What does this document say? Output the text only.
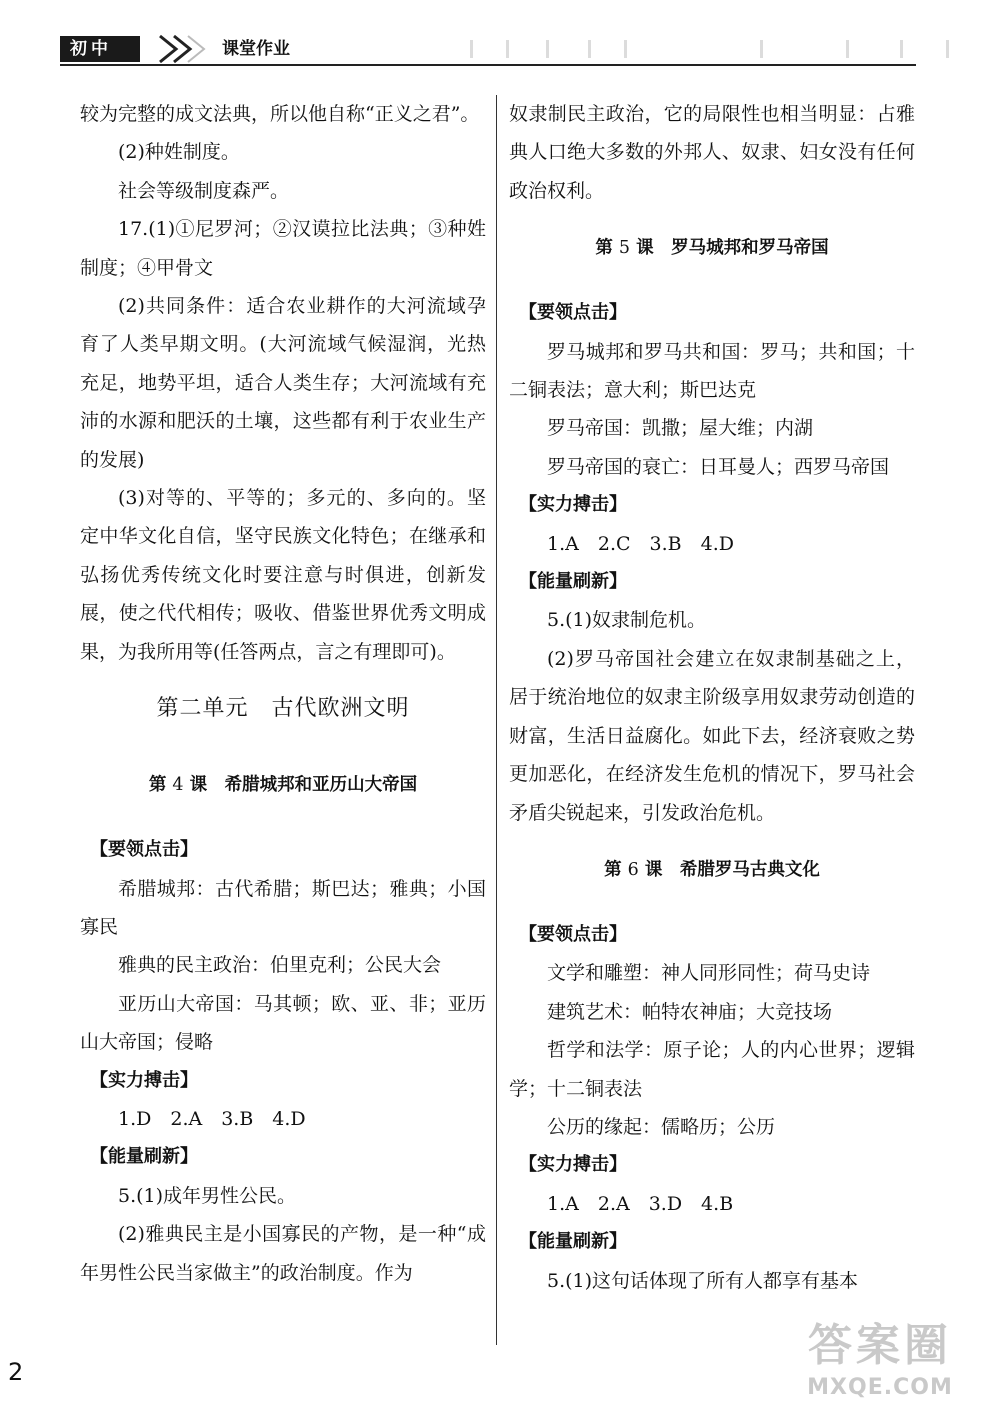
初中	课堂作业

较为完整的成文法典，所以他自称“正义之君”。

(2)种姓制度。

社会等级制度森严。

17.(1)①尼罗河；②汉谟拉比法典；③种姓制度；④甲骨文

(2)共同条件：适合农业耕作的大河流域孕育了人类早期文明。(大河流域气候湿润，光热充足，地势平坦，适合人类生存；大河流域有充沛的水源和肥沃的土壤，这些都有利于农业生产的发展)

(3)对等的、平等的；多元的、多向的。坚定中华文化自信，坚守民族文化特色；在继承和弘扬优秀传统文化时要注意与时俱进，创新发展，使之代代相传；吸收、借鉴世界优秀文明成果，为我所用等(任答两点，言之有理即可)。

第二单元　古代欧洲文明
第 4 课　希腊城邦和亚历山大帝国

【要领点击】

希腊城邦：古代希腊；斯巴达；雅典；小国寡民

雅典的民主政治：伯里克利；公民大会

亚历山大帝国：马其顿；欧、亚、非；亚历山大帝国；侵略

【实力搏击】

1.D　2.A　3.B　4.D

【能量刷新】

5.(1)成年男性公民。

(2)雅典民主是小国寡民的产物，是一种“成年男性公民当家做主”的政治制度。作为

奴隶制民主政治，它的局限性也相当明显：占雅典人口绝大多数的外邦人、奴隶、妇女没有任何政治权利。

第 5 课　罗马城邦和罗马帝国

【要领点击】

罗马城邦和罗马共和国：罗马；共和国；十二铜表法；意大利；斯巴达克

罗马帝国：凯撒；屋大维；内湖

罗马帝国的衰亡：日耳曼人；西罗马帝国

【实力搏击】

1.A　2.C　3.B　4.D

【能量刷新】

5.(1)奴隶制危机。

(2)罗马帝国社会建立在奴隶制基础之上，居于统治地位的奴隶主阶级享用奴隶劳动创造的财富，生活日益腐化。如此下去，经济衰败之势更加恶化，在经济发生危机的情况下，罗马社会矛盾尖锐起来，引发政治危机。

第 6 课　希腊罗马古典文化

【要领点击】

文学和雕塑：神人同形同性；荷马史诗

建筑艺术：帕特农神庙；大竞技场

哲学和法学：原子论；人的内心世界；逻辑学；十二铜表法

公历的缘起：儒略历；公历

【实力搏击】

1.A　2.A　3.D　4.B

【能量刷新】

5.(1)这句话体现了所有人都享有基本

2
答案圈
MXQE.COM
